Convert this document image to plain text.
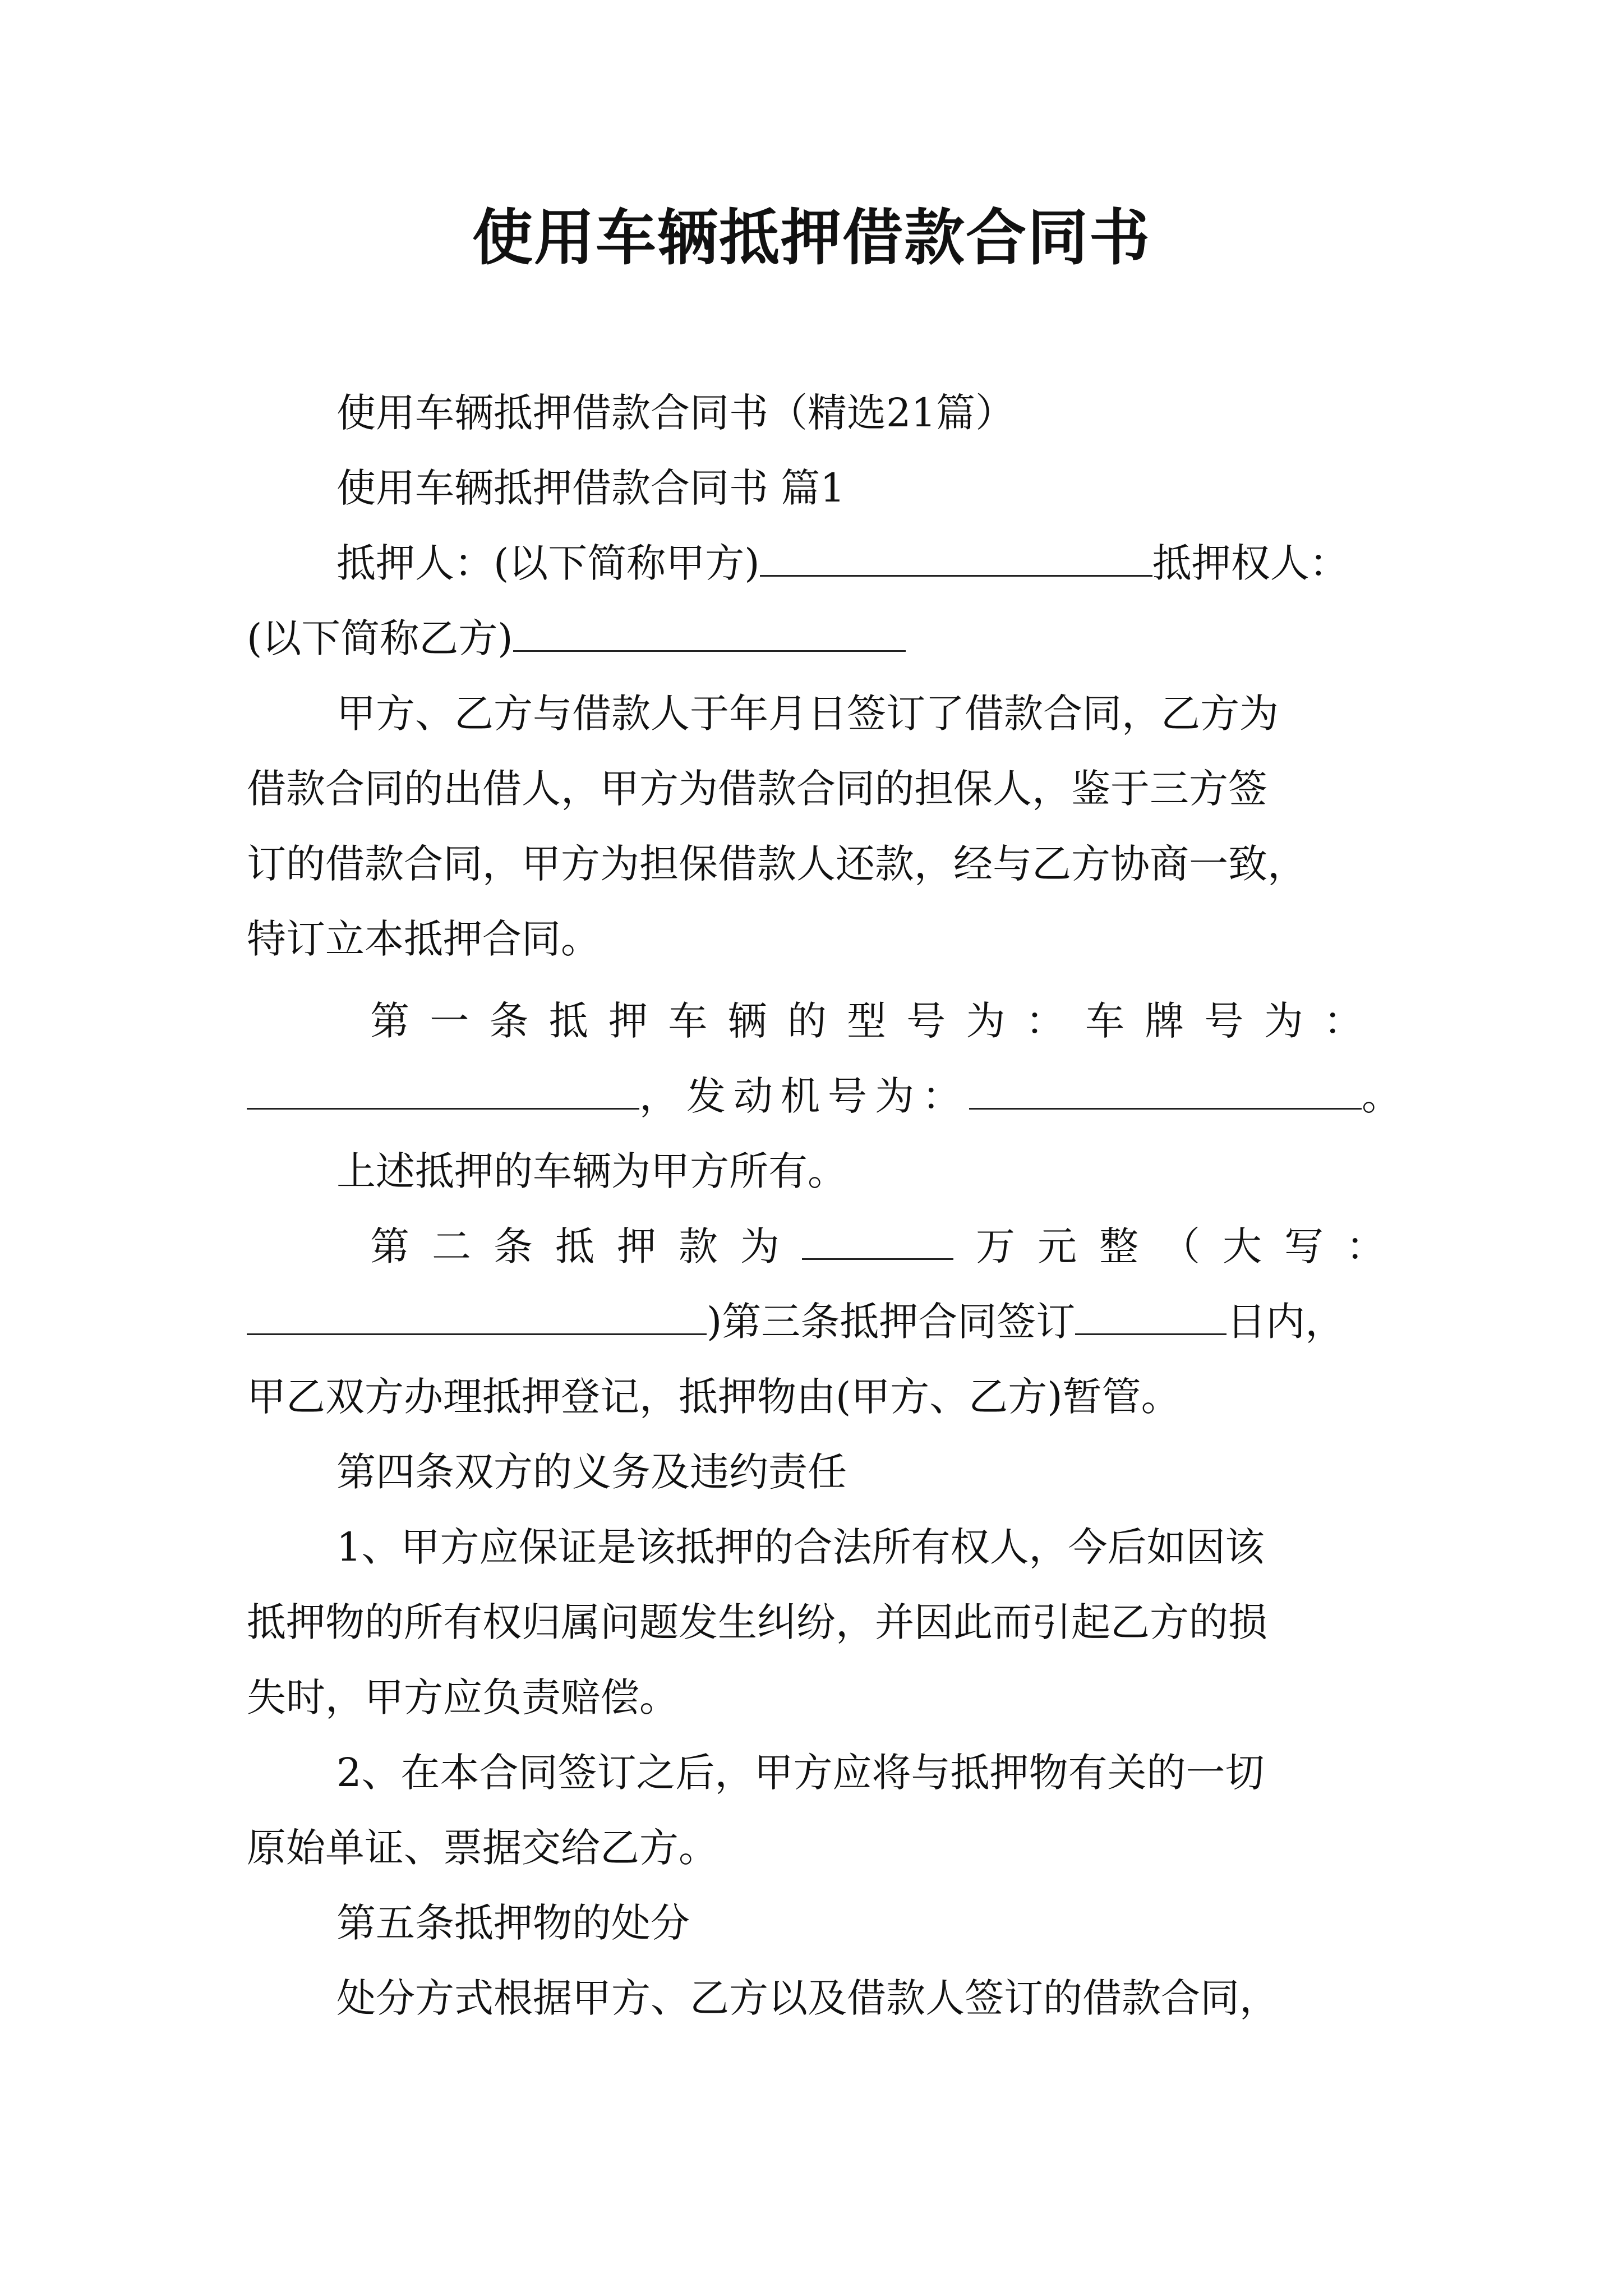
使用车辆抵押借款合同书
使用车辆抵押借款合同书（精选21篇）
使用车辆抵押借款合同书 篇1
抵押人：(以下简称甲方)	抵押权人：
(以下简称乙方)
甲方、乙方与借款人于年月日签订了借款合同，乙方为
借款合同的出借人，甲方为借款合同的担保人，鉴于三方签
订的借款合同，甲方为担保借款人还款，经与乙方协商一致，
特订立本抵押合同。
第 一 条 抵 押 车 辆 的 型 号 为 ： 车 牌 号 为 ：
，发动机号为：	。
上述抵押的车辆为甲方所有。
第二条抵押款为	万元整（大写：
)第三条抵押合同签订	日内，
甲乙双方办理抵押登记，抵押物由(甲方、乙方)暂管。
第四条双方的义务及违约责任
1、甲方应保证是该抵押的合法所有权人，今后如因该
抵押物的所有权归属问题发生纠纷，并因此而引起乙方的损
失时，甲方应负责赔偿。
2、在本合同签订之后，甲方应将与抵押物有关的一切
原始单证、票据交给乙方。
第五条抵押物的处分
处分方式根据甲方、乙方以及借款人签订的借款合同，
